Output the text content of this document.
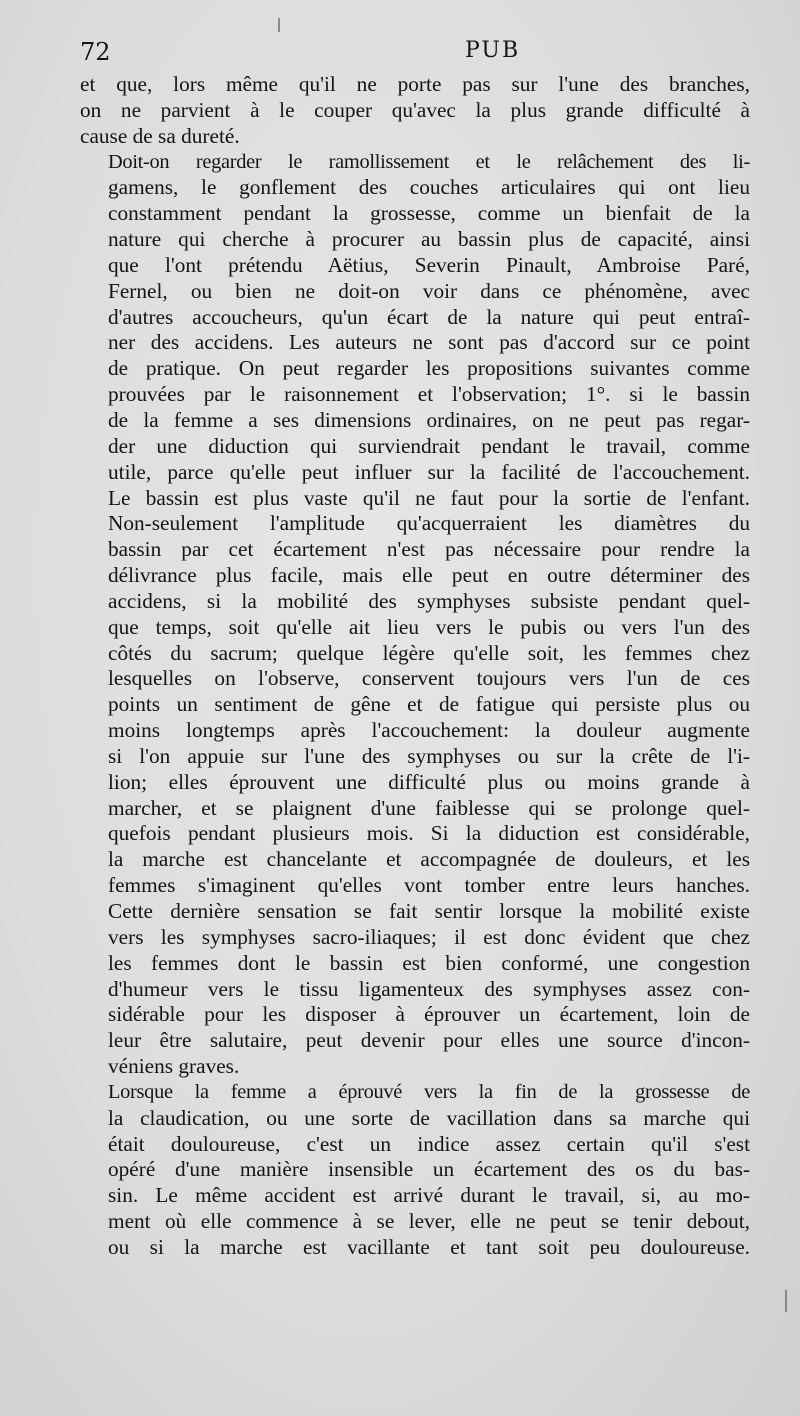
72	PUB

et que, lors même qu'il ne porte pas sur l'une des branches,
on ne parvient à le couper qu'avec la plus grande difficulté à
cause de sa dureté.

Doit-on regarder le ramollissement et le relâchement des li-
gamens, le gonflement des couches articulaires qui ont lieu
constamment pendant la grossesse, comme un bienfait de la
nature qui cherche à procurer au bassin plus de capacité, ainsi
que l'ont prétendu Aëtius, Severin Pinault, Ambroise Paré,
Fernel, ou bien ne doit-on voir dans ce phénomène, avec
d'autres accoucheurs, qu'un écart de la nature qui peut entraî-
ner des accidens. Les auteurs ne sont pas d'accord sur ce point
de pratique. On peut regarder les propositions suivantes comme
prouvées par le raisonnement et l'observation; 1°. si le bassin
de la femme a ses dimensions ordinaires, on ne peut pas regar-
der une diduction qui surviendrait pendant le travail, comme
utile, parce qu'elle peut influer sur la facilité de l'accouchement.
Le bassin est plus vaste qu'il ne faut pour la sortie de l'enfant.
Non-seulement l'amplitude qu'acquerraient les diamètres du
bassin par cet écartement n'est pas nécessaire pour rendre la
délivrance plus facile, mais elle peut en outre déterminer des
accidens, si la mobilité des symphyses subsiste pendant quel-
que temps, soit qu'elle ait lieu vers le pubis ou vers l'un des
côtés du sacrum; quelque légère qu'elle soit, les femmes chez
lesquelles on l'observe, conservent toujours vers l'un de ces
points un sentiment de gêne et de fatigue qui persiste plus ou
moins longtemps après l'accouchement: la douleur augmente
si l'on appuie sur l'une des symphyses ou sur la crête de l'i-
lion; elles éprouvent une difficulté plus ou moins grande à
marcher, et se plaignent d'une faiblesse qui se prolonge quel-
quefois pendant plusieurs mois. Si la diduction est considérable,
la marche est chancelante et accompagnée de douleurs, et les
femmes s'imaginent qu'elles vont tomber entre leurs hanches.
Cette dernière sensation se fait sentir lorsque la mobilité existe
vers les symphyses sacro-iliaques; il est donc évident que chez
les femmes dont le bassin est bien conformé, une congestion
d'humeur vers le tissu ligamenteux des symphyses assez con-
sidérable pour les disposer à éprouver un écartement, loin de
leur être salutaire, peut devenir pour elles une source d'incon-
véniens graves.

Lorsque la femme a éprouvé vers la fin de la grossesse de
la claudication, ou une sorte de vacillation dans sa marche qui
était douloureuse, c'est un indice assez certain qu'il s'est
opéré d'une manière insensible un écartement des os du bas-
sin. Le même accident est arrivé durant le travail, si, au mo-
ment où elle commence à se lever, elle ne peut se tenir debout,
ou si la marche est vacillante et tant soit peu douloureuse.
